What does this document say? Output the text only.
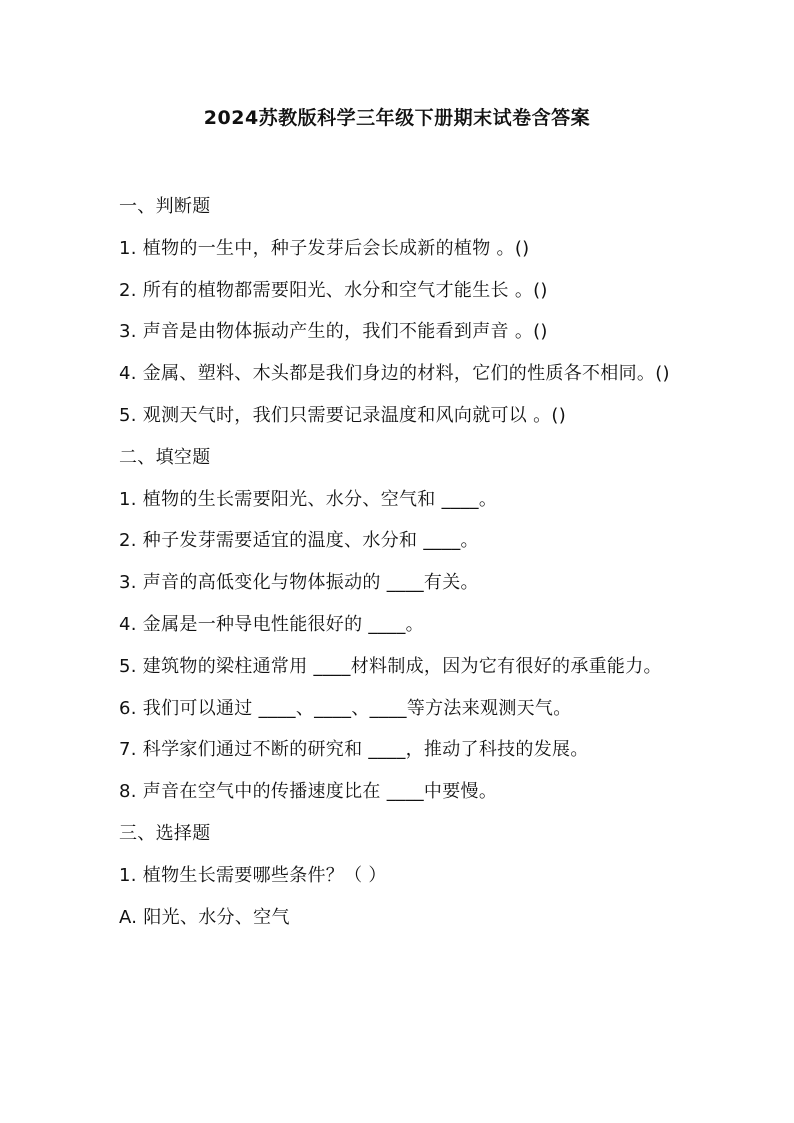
2024苏教版科学三年级下册期末试卷含答案

一、判断题

1. 植物的一生中，种子发芽后会长成新的植物 。()

2. 所有的植物都需要阳光、水分和空气才能生长 。()

3. 声音是由物体振动产生的，我们不能看到声音 。()

4. 金属、塑料、木头都是我们身边的材料，它们的性质各不相同。()

5. 观测天气时，我们只需要记录温度和风向就可以 。()

二、填空题

1. 植物的生长需要阳光、水分、空气和 ____。

2. 种子发芽需要适宜的温度、水分和 ____。

3. 声音的高低变化与物体振动的 ____有关。

4. 金属是一种导电性能很好的 ____。

5. 建筑物的梁柱通常用 ____材料制成，因为它有很好的承重能力。

6. 我们可以通过 ____、____、____等方法来观测天气。

7. 科学家们通过不断的研究和 ____，推动了科技的发展。

8. 声音在空气中的传播速度比在 ____中要慢。

三、选择题

1. 植物生长需要哪些条件？（ ）

A. 阳光、水分、空气
